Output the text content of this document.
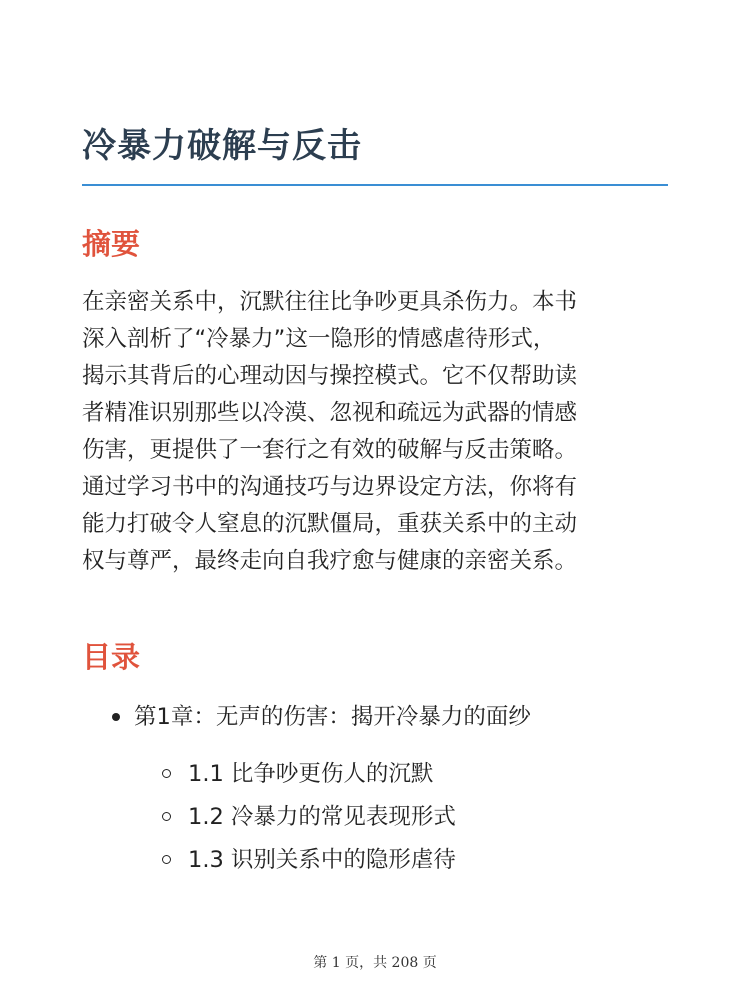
冷暴力破解与反击
摘要
在亲密关系中，沉默往往比争吵更具杀伤力。本书
深入剖析了“冷暴力”这一隐形的情感虐待形式，
揭示其背后的心理动因与操控模式。它不仅帮助读
者精准识别那些以冷漠、忽视和疏远为武器的情感
伤害，更提供了一套行之有效的破解与反击策略。
通过学习书中的沟通技巧与边界设定方法，你将有
能力打破令人窒息的沉默僵局，重获关系中的主动
权与尊严，最终走向自我疗愈与健康的亲密关系。
目录
第1章：无声的伤害：揭开冷暴力的面纱
1.1 比争吵更伤人的沉默
1.2 冷暴力的常见表现形式
1.3 识别关系中的隐形虐待
第 1 页，共 208 页
